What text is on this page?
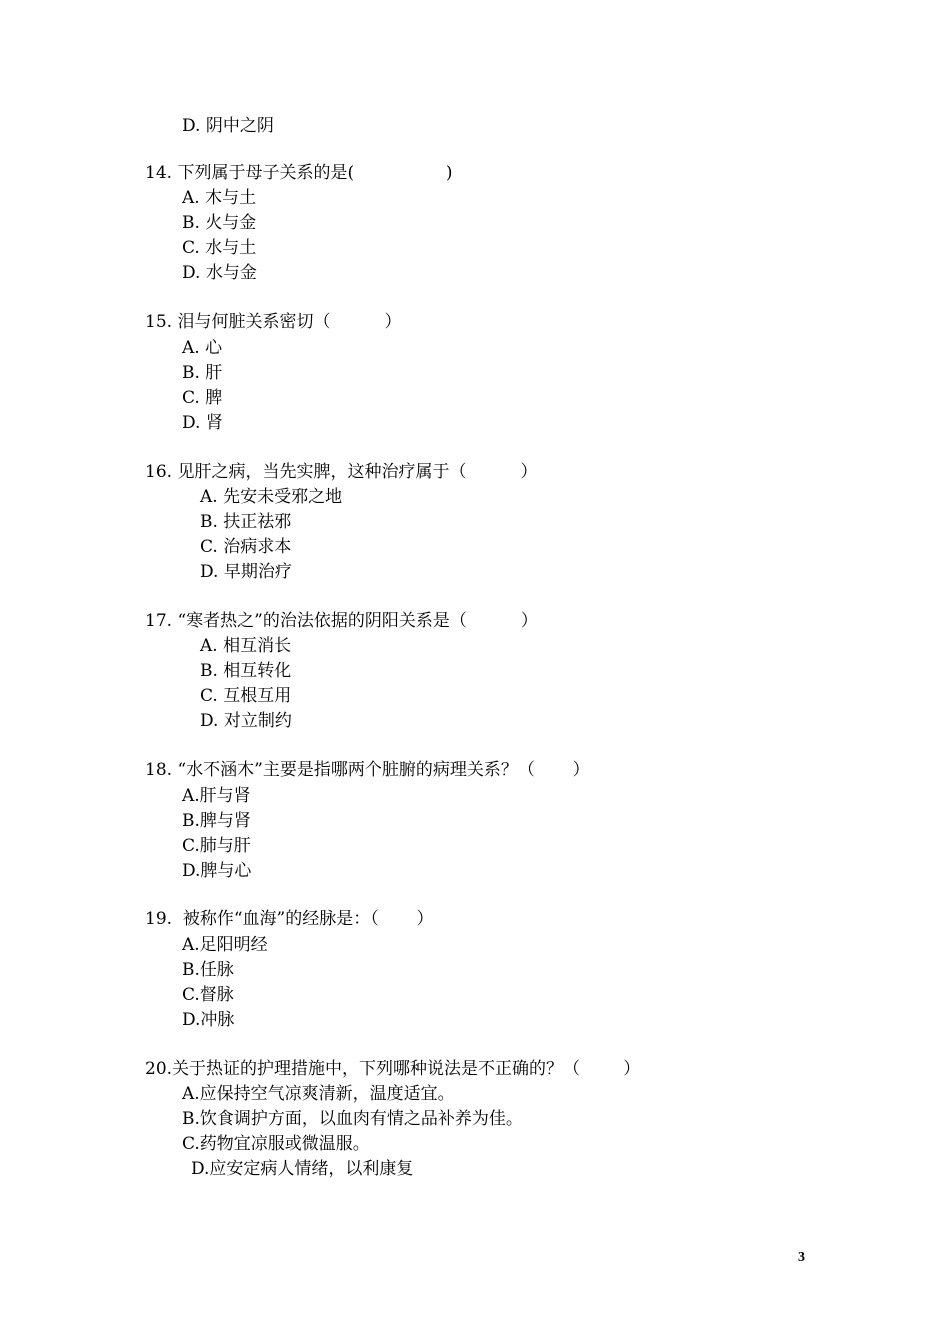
D. 阴中之阴
14. 下列属于母子关系的是(                 )
A. 木与土
B. 火与金
C. 水与土
D. 水与金
15. 泪与何脏关系密切（          ）
A. 心
B. 肝
C. 脾
D. 肾
16. 见肝之病，当先实脾，这种治疗属于（          ）
A. 先安未受邪之地
B. 扶正祛邪
C. 治病求本
D. 早期治疗
17. “寒者热之”的治法依据的阴阳关系是（          ）
A. 相互消长
B. 相互转化
C. 互根互用
D. 对立制约
18. “水不涵木”主要是指哪两个脏腑的病理关系？（       ）
A.肝与肾
B.脾与肾
C.肺与肝
D.脾与心
19.  被称作“血海”的经脉是：（       ）
A.足阳明经
B.任脉
C.督脉
D.冲脉
20.关于热证的护理措施中，下列哪种说法是不正确的？（        ）
A.应保持空气凉爽清新，温度适宜。
B.饮食调护方面，以血肉有情之品补养为佳。
C.药物宜凉服或微温服。
D.应安定病人情绪，以利康复
3
